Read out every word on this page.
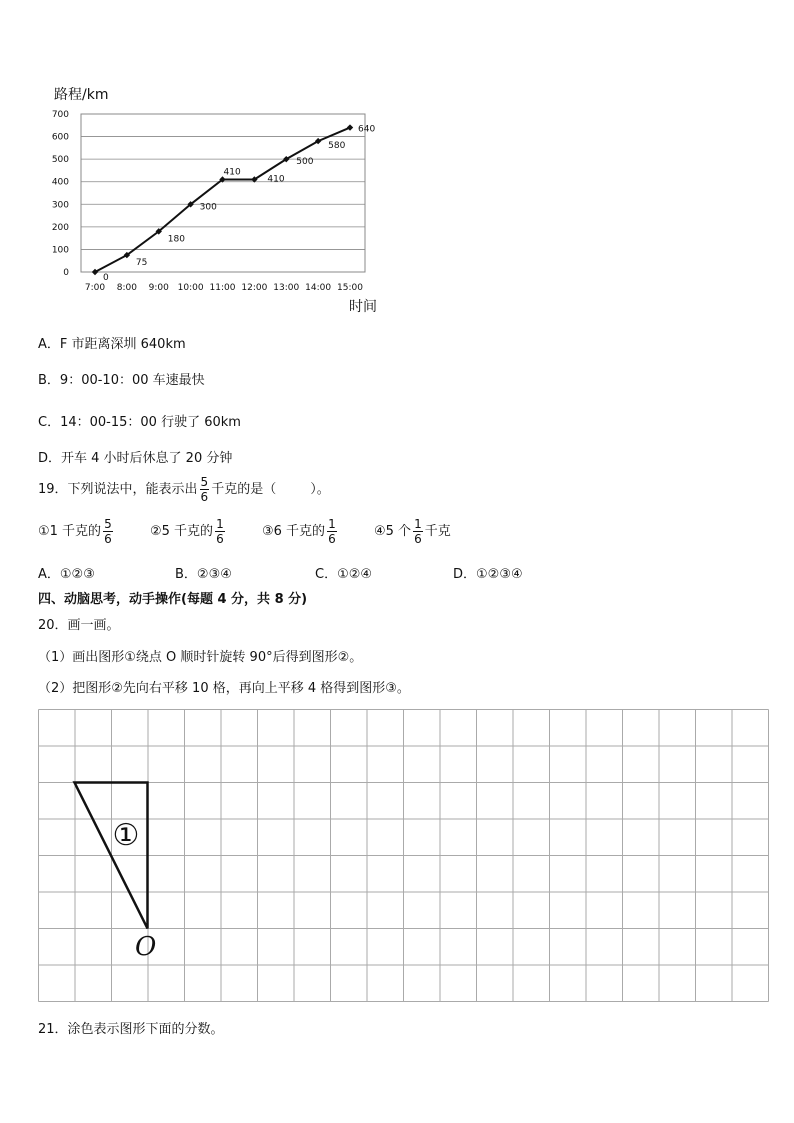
路程/km
0
100
200
300
400
500
600
700
7:00 8:00 9:00 10:00 11:00 12:00 13:00 14:00 15:00
0
75
180
300
410
410
500
580
640
时间
A．F 市距离深圳 640km
B．9：00-10：00 车速最快
C．14：00-15：00 行驶了 60km
D．开车 4 小时后休息了 20 分钟
19．下列说法中，能表示出 $\frac{5}{6}$ 千克的是（	）。
①1 千克的 $\frac{5}{6}$	②5 千克的 $\frac{1}{6}$	③6 千克的 $\frac{1}{6}$	④5 个 $\frac{1}{6}$ 千克
A．①②③	B．②③④	C．①②④	D．①②③④
四、动脑思考，动手操作(每题 4 分，共 8 分)
20．画一画。
（1）画出图形①绕点 O 顺时针旋转 90°后得到图形②。
（2）把图形②先向右平移 10 格，再向上平移 4 格得到图形③。
①
O
21．涂色表示图形下面的分数。
